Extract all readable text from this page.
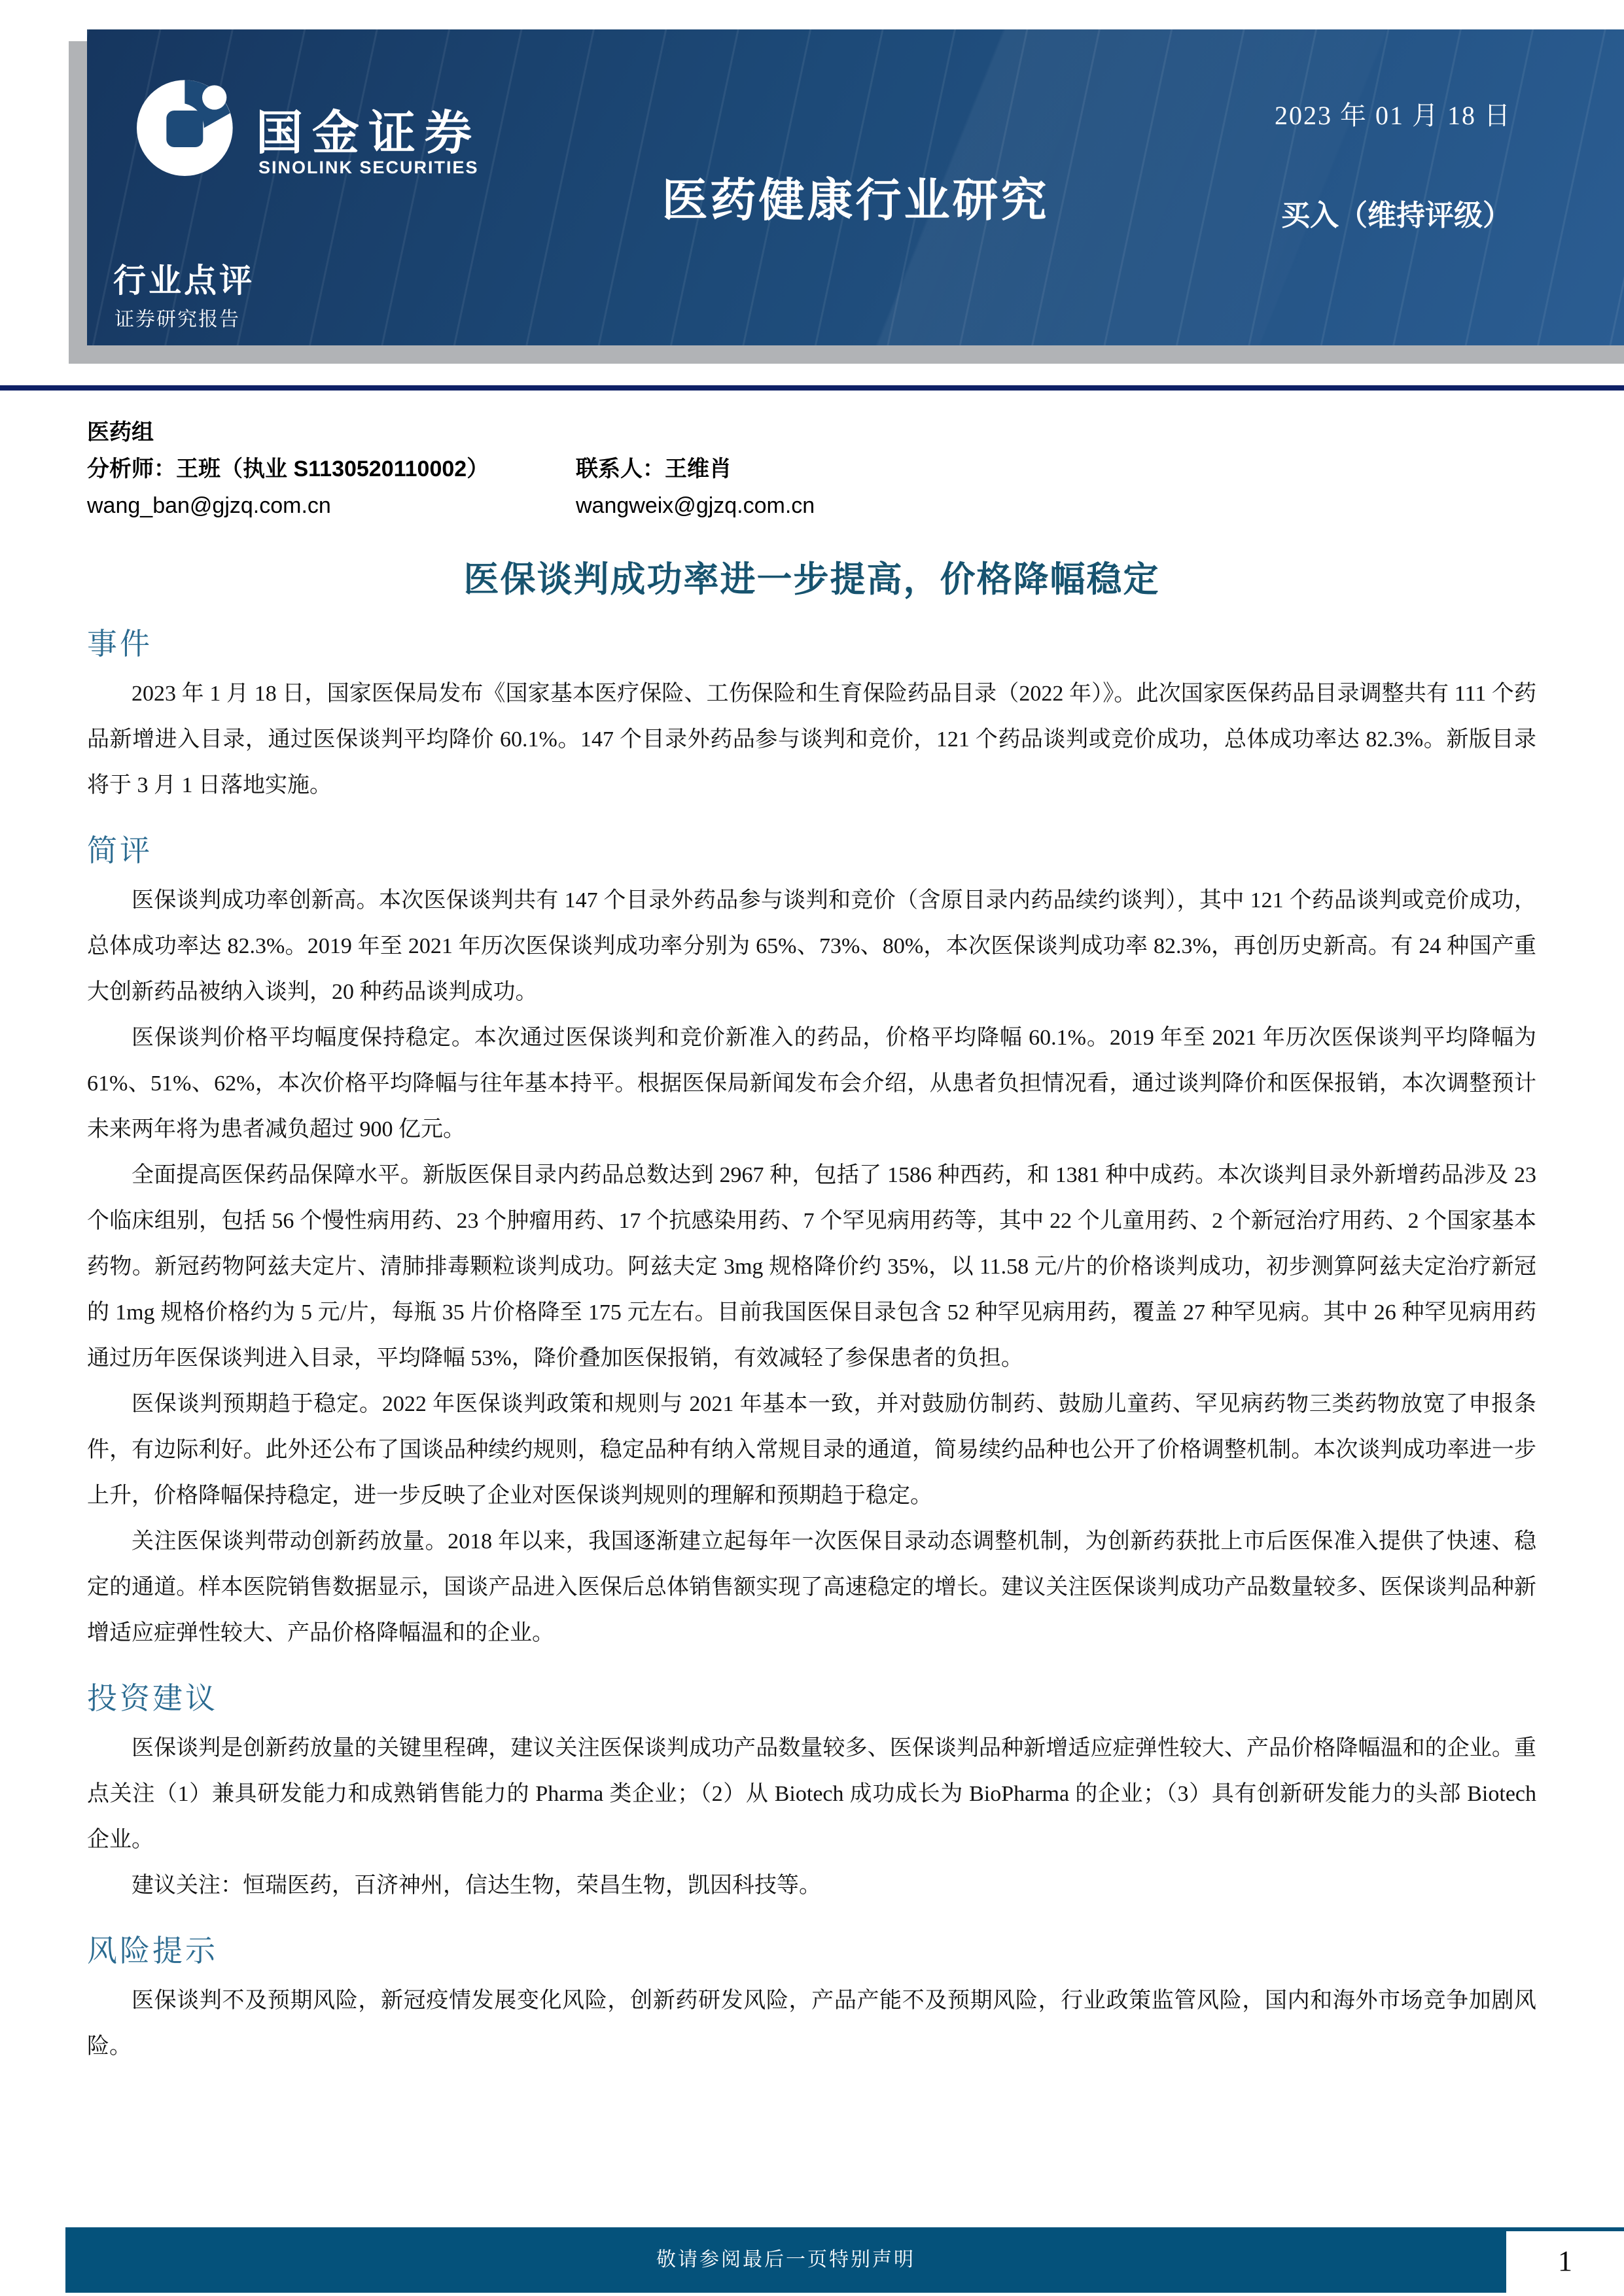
国金证券
SINOLINK SECURITIES
2023 年 01 月 18 日
医药健康行业研究	买入（维持评级）
行业点评
证券研究报告
医药组
分析师：王班（执业 S1130520110002）	联系人：王维肖
wang_ban@gjzq.com.cn	wangweix@gjzq.com.cn
医保谈判成功率进一步提高，价格降幅稳定
事件

2023 年 1 月 18 日，国家医保局发布《国家基本医疗保险、工伤保险和生育保险药品目录（2022 年）》。此次国家医保药品目录调整共有 111 个药品新增进入目录，通过医保谈判平均降价 60.1%。147 个目录外药品参与谈判和竞价，121 个药品谈判或竞价成功，总体成功率达 82.3%。新版目录将于 3 月 1 日落地实施。

简评

医保谈判成功率创新高。本次医保谈判共有 147 个目录外药品参与谈判和竞价（含原目录内药品续约谈判），其中 121 个药品谈判或竞价成功，总体成功率达 82.3%。2019 年至 2021 年历次医保谈判成功率分别为 65%、73%、80%，本次医保谈判成功率 82.3%，再创历史新高。有 24 种国产重大创新药品被纳入谈判，20 种药品谈判成功。

医保谈判价格平均幅度保持稳定。本次通过医保谈判和竞价新准入的药品，价格平均降幅 60.1%。2019 年至 2021 年历次医保谈判平均降幅为 61%、51%、62%，本次价格平均降幅与往年基本持平。根据医保局新闻发布会介绍，从患者负担情况看，通过谈判降价和医保报销，本次调整预计未来两年将为患者减负超过 900 亿元。

全面提高医保药品保障水平。新版医保目录内药品总数达到 2967 种，包括了 1586 种西药，和 1381 种中成药。本次谈判目录外新增药品涉及 23 个临床组别，包括 56 个慢性病用药、23 个肿瘤用药、17 个抗感染用药、7 个罕见病用药等，其中 22 个儿童用药、2 个新冠治疗用药、2 个国家基本药物。新冠药物阿兹夫定片、清肺排毒颗粒谈判成功。阿兹夫定 3mg 规格降价约 35%，以 11.58 元/片的价格谈判成功，初步测算阿兹夫定治疗新冠的 1mg 规格价格约为 5 元/片，每瓶 35 片价格降至 175 元左右。目前我国医保目录包含 52 种罕见病用药，覆盖 27 种罕见病。其中 26 种罕见病用药通过历年医保谈判进入目录，平均降幅 53%，降价叠加医保报销，有效减轻了参保患者的负担。

医保谈判预期趋于稳定。2022 年医保谈判政策和规则与 2021 年基本一致，并对鼓励仿制药、鼓励儿童药、罕见病药物三类药物放宽了申报条件，有边际利好。此外还公布了国谈品种续约规则，稳定品种有纳入常规目录的通道，简易续约品种也公开了价格调整机制。本次谈判成功率进一步上升，价格降幅保持稳定，进一步反映了企业对医保谈判规则的理解和预期趋于稳定。

关注医保谈判带动创新药放量。2018 年以来，我国逐渐建立起每年一次医保目录动态调整机制，为创新药获批上市后医保准入提供了快速、稳定的通道。样本医院销售数据显示，国谈产品进入医保后总体销售额实现了高速稳定的增长。建议关注医保谈判成功产品数量较多、医保谈判品种新增适应症弹性较大、产品价格降幅温和的企业。

投资建议

医保谈判是创新药放量的关键里程碑，建议关注医保谈判成功产品数量较多、医保谈判品种新增适应症弹性较大、产品价格降幅温和的企业。重点关注（1）兼具研发能力和成熟销售能力的 Pharma 类企业；（2）从 Biotech 成功成长为 BioPharma 的企业；（3）具有创新研发能力的头部 Biotech 企业。

建议关注：恒瑞医药，百济神州，信达生物，荣昌生物，凯因科技等。

风险提示

医保谈判不及预期风险，新冠疫情发展变化风险，创新药研发风险，产品产能不及预期风险，行业政策监管风险，国内和海外市场竞争加剧风险。

敬请参阅最后一页特别声明	1
